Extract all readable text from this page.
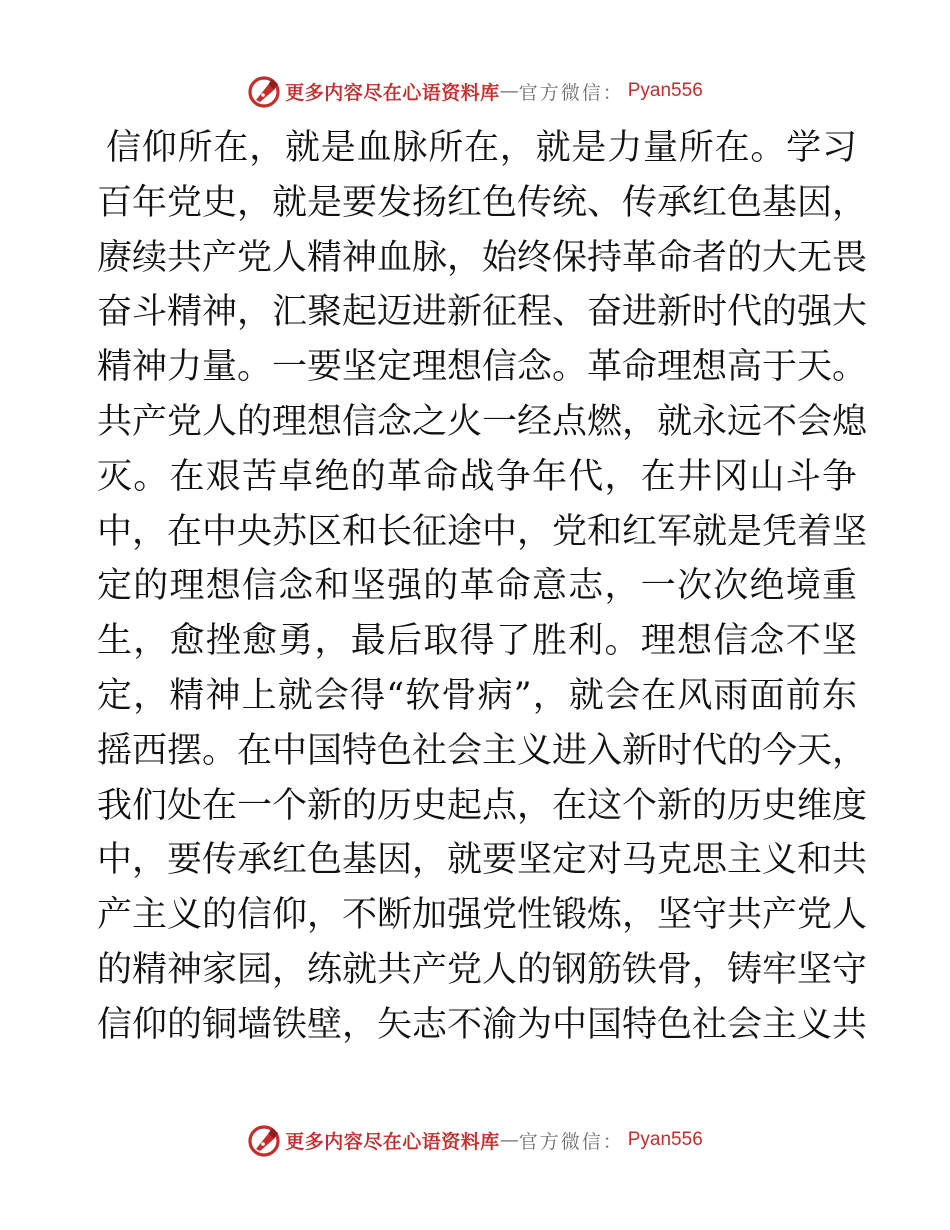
更多内容尽在心语资料库 — 官方微信： Pyan556
信仰所在，就是血脉所在，就是力量所在。学习
百年党史，就是要发扬红色传统、传承红色基因，
赓续共产党人精神血脉，始终保持革命者的大无畏
奋斗精神，汇聚起迈进新征程、奋进新时代的强大
精神力量。一要坚定理想信念。革命理想高于天。
共产党人的理想信念之火一经点燃，就永远不会熄
灭。在艰苦卓绝的革命战争年代，在井冈山斗争
中，在中央苏区和长征途中，党和红军就是凭着坚
定的理想信念和坚强的革命意志，一次次绝境重
生，愈挫愈勇，最后取得了胜利。理想信念不坚
定，精神上就会得“软骨病”，就会在风雨面前东
摇西摆。在中国特色社会主义进入新时代的今天，
我们处在一个新的历史起点，在这个新的历史维度
中，要传承红色基因，就要坚定对马克思主义和共
产主义的信仰，不断加强党性锻炼，坚守共产党人
的精神家园，练就共产党人的钢筋铁骨，铸牢坚守
信仰的铜墙铁壁，矢志不渝为中国特色社会主义共
更多内容尽在心语资料库 — 官方微信： Pyan556
